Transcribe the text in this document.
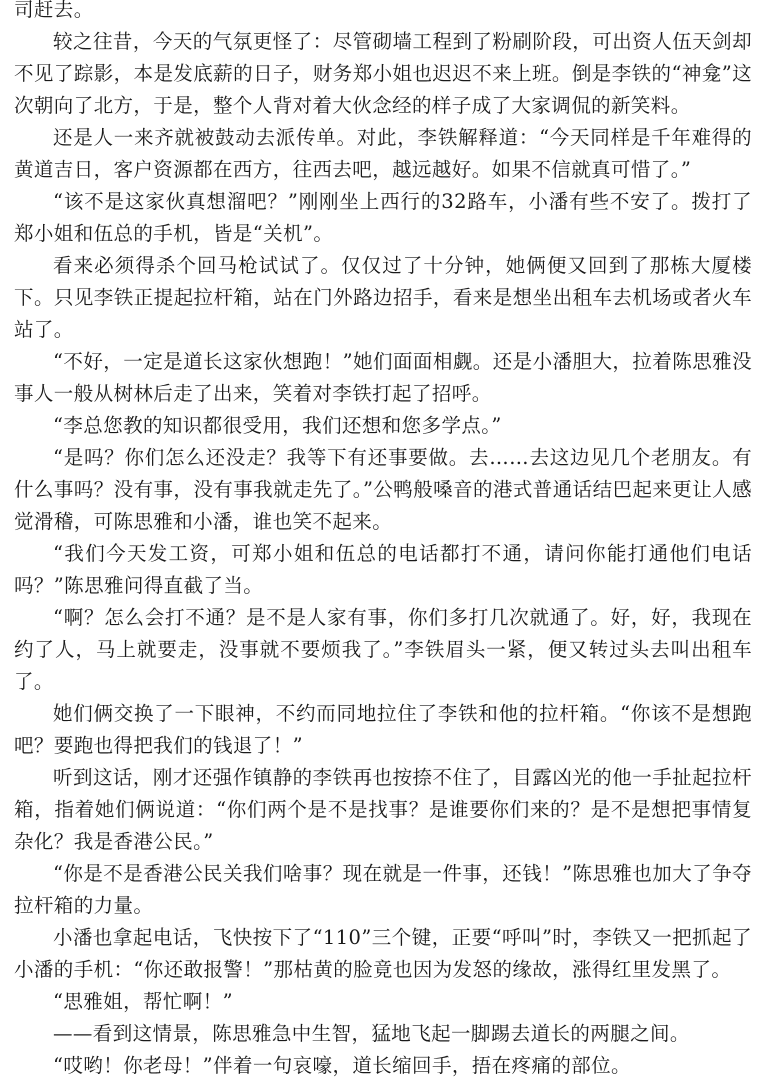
司赶去。

较之往昔，今天的气氛更怪了：尽管砌墙工程到了粉刷阶段，可出资人伍天剑却不见了踪影，本是发底薪的日子，财务郑小姐也迟迟不来上班。倒是李铁的“神龛”这次朝向了北方，于是，整个人背对着大伙念经的样子成了大家调侃的新笑料。

还是人一来齐就被鼓动去派传单。对此，李铁解释道：“今天同样是千年难得的黄道吉日，客户资源都在西方，往西去吧，越远越好。如果不信就真可惜了。”

“该不是这家伙真想溜吧？”刚刚坐上西行的32路车，小潘有些不安了。拨打了郑小姐和伍总的手机，皆是“关机”。

看来必须得杀个回马枪试试了。仅仅过了十分钟，她俩便又回到了那栋大厦楼下。只见李铁正提起拉杆箱，站在门外路边招手，看来是想坐出租车去机场或者火车站了。

“不好，一定是道长这家伙想跑！”她们面面相觑。还是小潘胆大，拉着陈思雅没事人一般从树林后走了出来，笑着对李铁打起了招呼。

“李总您教的知识都很受用，我们还想和您多学点。”

“是吗？你们怎么还没走？我等下有还事要做。去……去这边见几个老朋友。有什么事吗？没有事，没有事我就走先了。”公鸭般嗓音的港式普通话结巴起来更让人感觉滑稽，可陈思雅和小潘，谁也笑不起来。

“我们今天发工资，可郑小姐和伍总的电话都打不通，请问你能打通他们电话吗？”陈思雅问得直截了当。

“啊？怎么会打不通？是不是人家有事，你们多打几次就通了。好，好，我现在约了人，马上就要走，没事就不要烦我了。”李铁眉头一紧，便又转过头去叫出租车了。

她们俩交换了一下眼神，不约而同地拉住了李铁和他的拉杆箱。“你该不是想跑吧？要跑也得把我们的钱退了！”

听到这话，刚才还强作镇静的李铁再也按捺不住了，目露凶光的他一手扯起拉杆箱，指着她们俩说道：“你们两个是不是找事？是谁要你们来的？是不是想把事情复杂化？我是香港公民。”

“你是不是香港公民关我们啥事？现在就是一件事，还钱！”陈思雅也加大了争夺拉杆箱的力量。

小潘也拿起电话，飞快按下了“110”三个键，正要“呼叫”时，李铁又一把抓起了小潘的手机：“你还敢报警！”那枯黄的脸竟也因为发怒的缘故，涨得红里发黑了。

“思雅姐，帮忙啊！”

——看到这情景，陈思雅急中生智，猛地飞起一脚踢去道长的两腿之间。

“哎哟！你老母！”伴着一句哀嚎，道长缩回手，捂在疼痛的部位。
